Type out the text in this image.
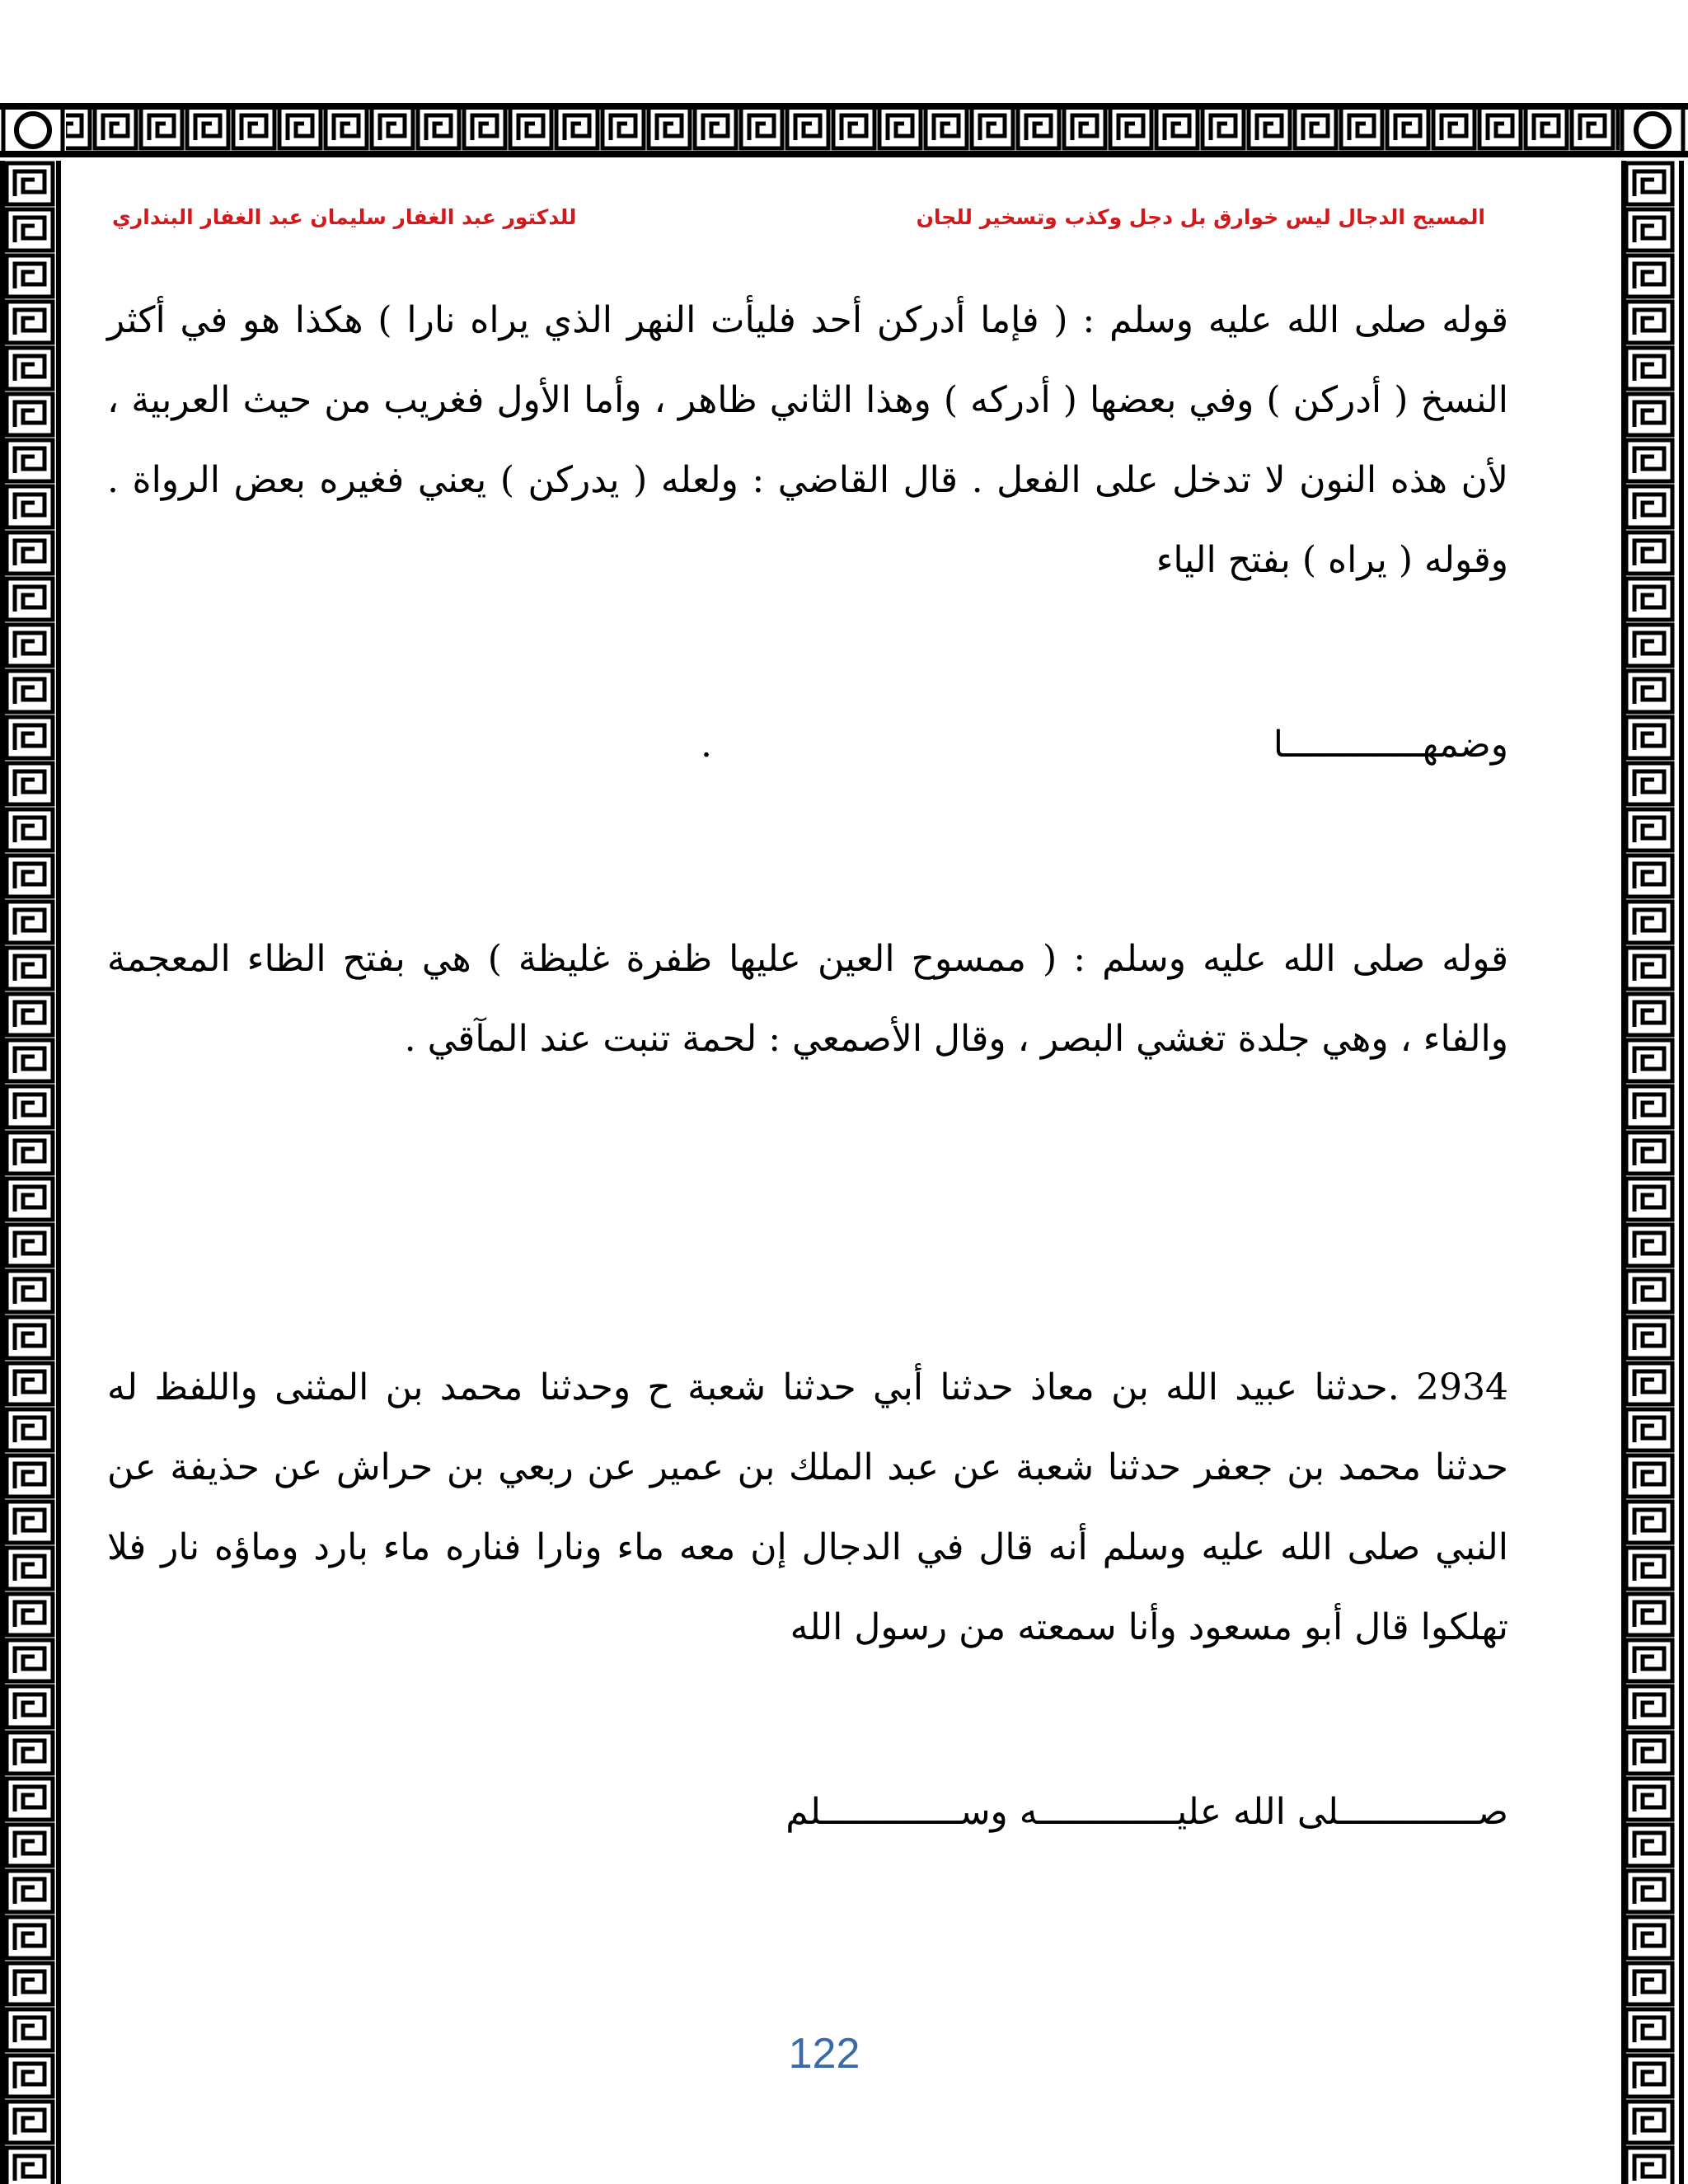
المسيح الدجال ليس خوارق بل دجل وكذب وتسخير للجان
للدكتور عبد الغفار سليمان عبد الغفار البنداري
قوله صلى الله عليه وسلم : ( فإما أدركن أحد فليأت النهر الذي يراه نارا ) هكذا هو في أكثر النسخ ( أدركن ) وفي بعضها ( أدركه ) وهذا الثاني ظاهر ، وأما الأول فغريب من حيث العربية ، لأن هذه النون لا تدخل على الفعل . قال القاضي : ولعله ( يدركن ) يعني فغيره بعض الرواة . وقوله ( يراه ) بفتح الياء
وضمهـــــــــــــا
.
قوله صلى الله عليه وسلم : ( ممسوح العين عليها ظفرة غليظة ) هي بفتح الظاء المعجمة والفاء ، وهي جلدة تغشي البصر ، وقال الأصمعي : لحمة تنبت عند المآقي .
2934 .حدثنا عبيد الله بن معاذ حدثنا أبي حدثنا شعبة ح وحدثنا محمد بن المثنى واللفظ له حدثنا محمد بن جعفر حدثنا شعبة عن عبد الملك بن عمير عن ربعي بن حراش عن حذيفة عن النبي صلى الله عليه وسلم أنه قال في الدجال إن معه ماء ونارا فناره ماء بارد وماؤه نار فلا تهلكوا قال أبو مسعود وأنا سمعته من رسول الله
صـــــــــــــلى الله عليـــــــــــــه وســـــــــــــلم
122
